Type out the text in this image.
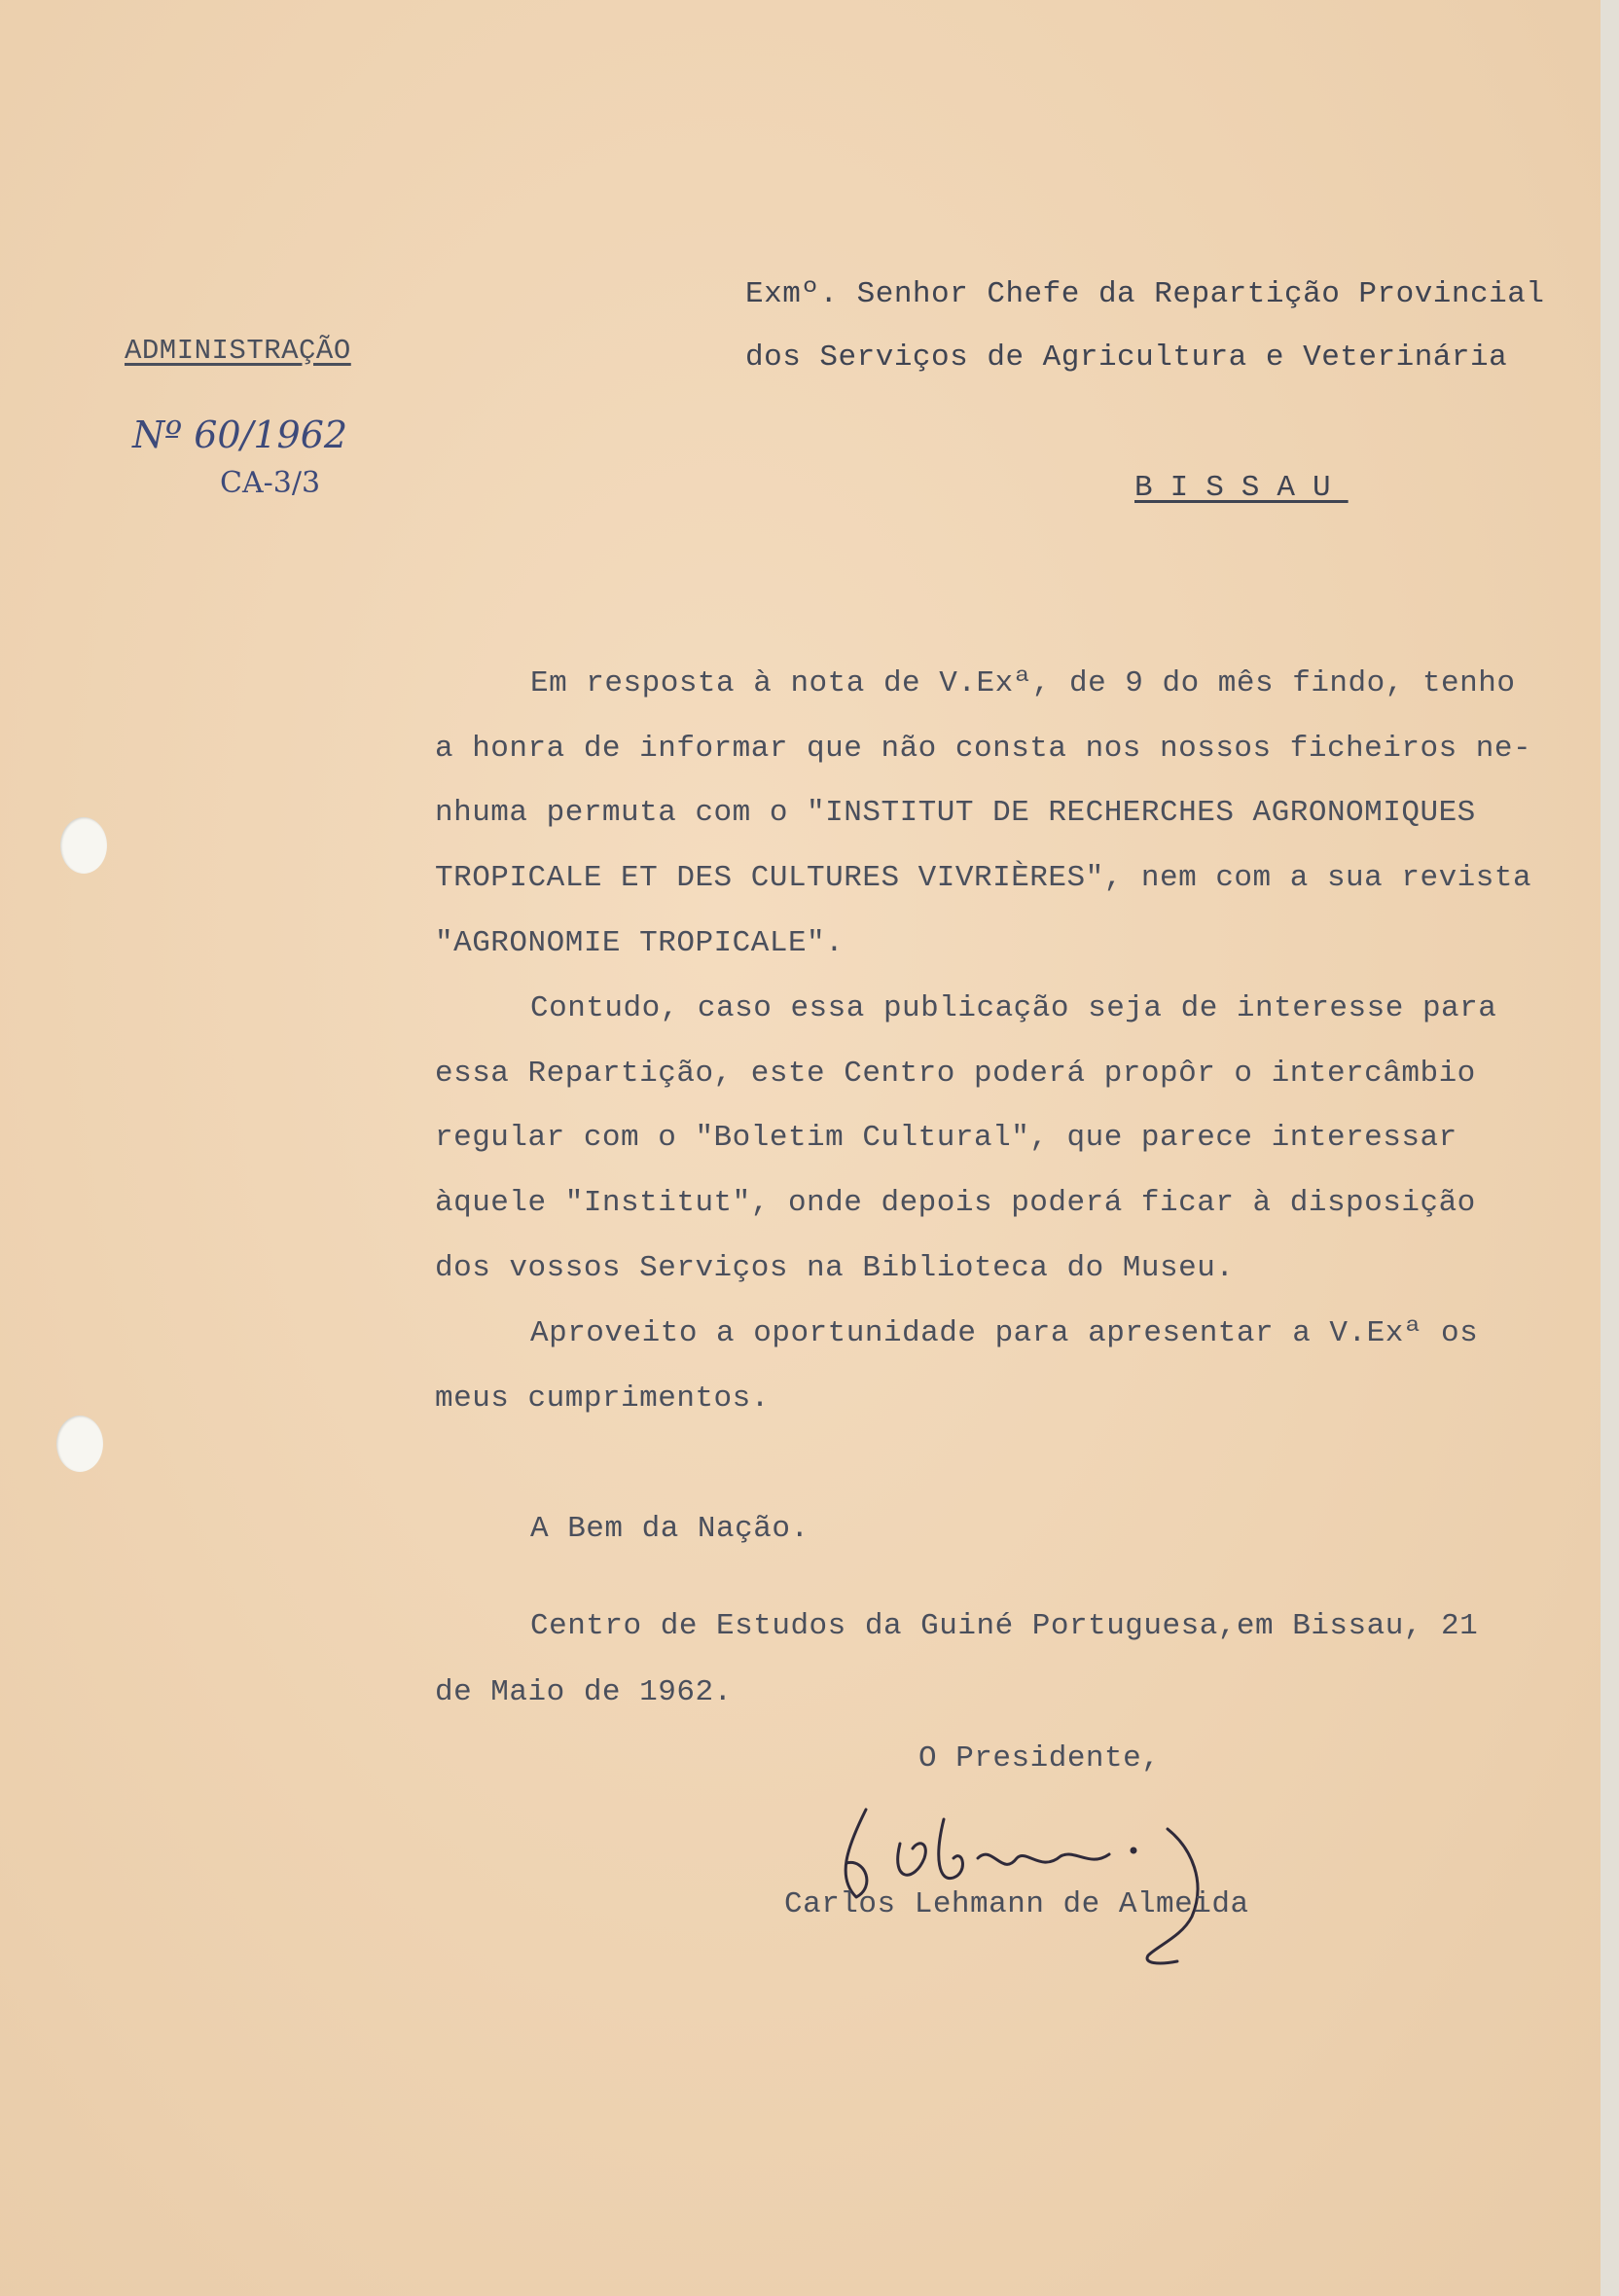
ADMINISTRAÇÃO
Nº 60/1962
CA-3/3
Exmº. Senhor Chefe da Repartição Provincial
dos Serviços de Agricultura e Veterinária
BISSAU
Em resposta à nota de V.Exª, de 9 do mês findo, tenho
a honra de informar que não consta nos nossos ficheiros ne-
nhuma permuta com o "INSTITUT DE RECHERCHES AGRONOMIQUES
TROPICALE ET DES CULTURES VIVRIÈRES", nem com a sua revista
"AGRONOMIE TROPICALE".
Contudo, caso essa publicação seja de interesse para
essa Repartição, este Centro poderá propôr o intercâmbio
regular com o "Boletim Cultural", que parece interessar
àquele "Institut", onde depois poderá ficar à disposição
dos vossos Serviços na Biblioteca do Museu.
Aproveito a oportunidade para apresentar a V.Exª os
meus cumprimentos.
A Bem da Nação.
Centro de Estudos da Guiné Portuguesa,em Bissau, 21
de Maio de 1962.
O Presidente,
Carlos Lehmann de Almeida
